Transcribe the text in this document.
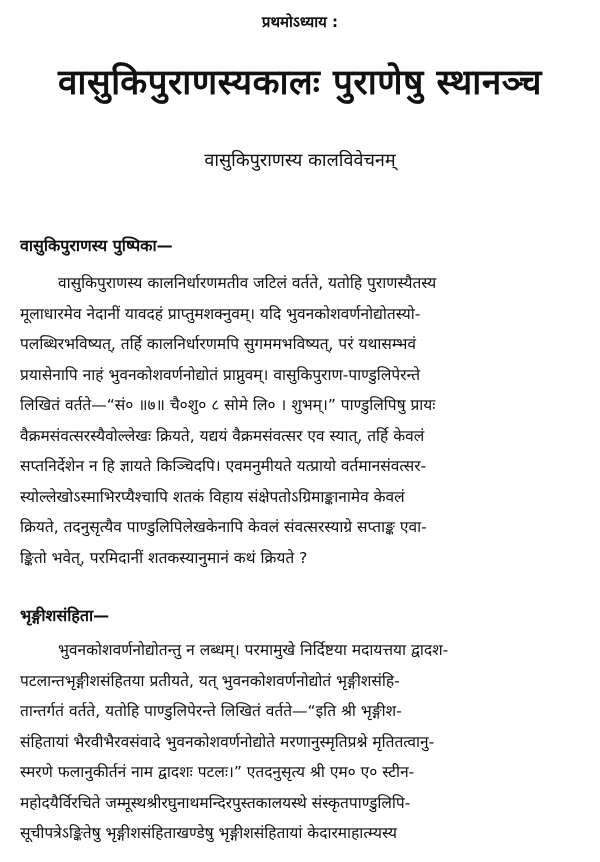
प्रथमोऽध्याय :
वासुकिपुराणस्यकालः पुराणेषु स्थानञ्च
वासुकिपुराणस्य कालविवेचनम्
वासुकिपुराणस्य पुष्पिका—
वासुकिपुराणस्य कालनिर्धारणमतीव जटिलं वर्तते, यतोहि पुराणस्यैतस्य
मूलाधारमेव नेदानीं यावदहं प्राप्तुमशक्नुवम्। यदि भुवनकोशवर्णनोद्योतस्यो-
पलब्धिरभविष्यत्, तर्हि कालनिर्धारणमपि सुगममभविष्यत्, परं यथासम्भवं
प्रयासेनापि नाहं भुवनकोशवर्णनोद्योतं प्राप्नुवम्। वासुकिपुराण-पाण्डुलिपेरन्ते
लिखितं वर्तते—“सं० ॥७॥ चै०शु० ८ सोमे लि० । शुभम्।” पाण्डुलिपिषु प्रायः
वैक्रमसंवत्सरस्यैवोल्लेखः क्रियते, यद्ययं वैक्रमसंवत्सर एव स्यात्, तर्हि केवलं
सप्तनिर्देशेन न हि ज्ञायते किञ्चिदपि। एवमनुमीयते यत्प्रायो वर्तमानसंवत्सर-
स्योल्लेखोऽस्माभिरप्यैश्चापि शतकं विहाय संक्षेपतोऽग्रिमाङ्कानामेव केवलं
क्रियते, तदनुसृत्यैव पाण्डुलिपिलेखकेनापि केवलं संवत्सरस्याग्रे सप्ताङ्क एवा-
ङ्कितो भवेत्, परमिदानीं शतकस्यानुमानं कथं क्रियते ?
भृङ्गीशसंहिता—
भुवनकोशवर्णनोद्योतन्तु न लब्धम्। परमामुखे निर्दिष्टया मदायत्तया द्वादश-
पटलान्तभृङ्गीशसंहितया प्रतीयते, यत् भुवनकोशवर्णनोद्योतं भृङ्गीशसंहि-
तान्तर्गतं वर्तते, यतोहि पाण्डुलिपेरन्ते लिखितं वर्तते—“इति श्री भृङ्गीश-
संहितायां भैरवीभैरवसंवादे भुवनकोशवर्णनोद्योते मरणानुस्मृतिप्रश्ने मृतितत्वानु-
स्मरणे फलानुकीर्तनं नाम द्वादशः पटलः।” एतदनुसृत्य श्री एम० ए० स्टीन-
महोदयैर्विरचिते जम्मूस्थश्रीरघुनाथमन्दिरपुस्तकालयस्थे संस्कृतपाण्डुलिपि-
सूचीपत्रेऽङ्कितेषु भृङ्गीशसंहिताखण्डेषु भृङ्गीशसंहितायां केदारमाहात्म्यस्य
